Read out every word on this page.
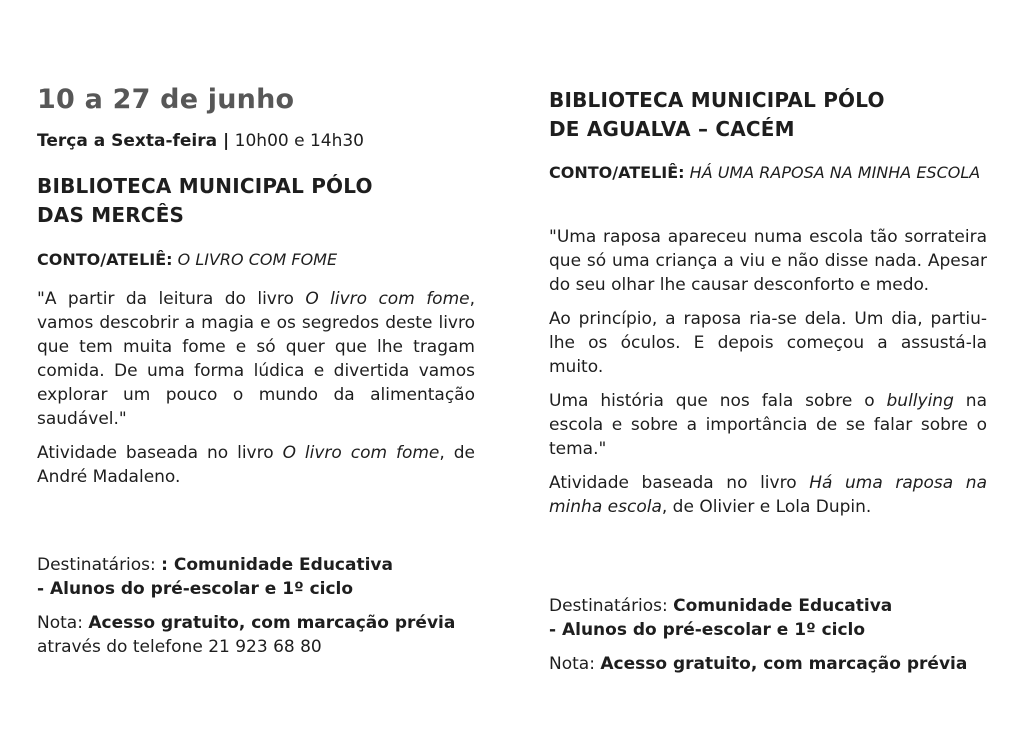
10 a 27 de junho

Terça a Sexta-feira | 10h00 e 14h30

BIBLIOTECA MUNICIPAL PÓLO
DAS MERCÊS

CONTO/ATELIÊ: O LIVRO COM FOME

"A partir da leitura do livro O livro com fome, vamos descobrir a magia e os segredos deste livro que tem muita fome e só quer que lhe tragam comida. De uma forma lúdica e divertida vamos explorar um pouco o mundo da alimentação saudável."

Atividade baseada no livro O livro com fome, de André Madaleno.

Destinatários: : Comunidade Educativa
- Alunos do pré-escolar e 1º ciclo

Nota: Acesso gratuito, com marcação prévia
através do telefone 21 923 68 80

BIBLIOTECA MUNICIPAL PÓLO
DE AGUALVA – CACÉM

CONTO/ATELIÊ: HÁ UMA RAPOSA NA MINHA ESCOLA

"Uma raposa apareceu numa escola tão sorrateira que só uma criança a viu e não disse nada. Apesar do seu olhar lhe causar desconforto e medo.

Ao princípio, a raposa ria-se dela. Um dia, partiu-lhe os óculos. E depois começou a assustá-la muito.

Uma história que nos fala sobre o bullying na escola e sobre a importância de se falar sobre o tema."

Atividade baseada no livro Há uma raposa na minha escola, de Olivier e Lola Dupin.

Destinatários: Comunidade Educativa
- Alunos do pré-escolar e 1º ciclo

Nota: Acesso gratuito, com marcação prévia
